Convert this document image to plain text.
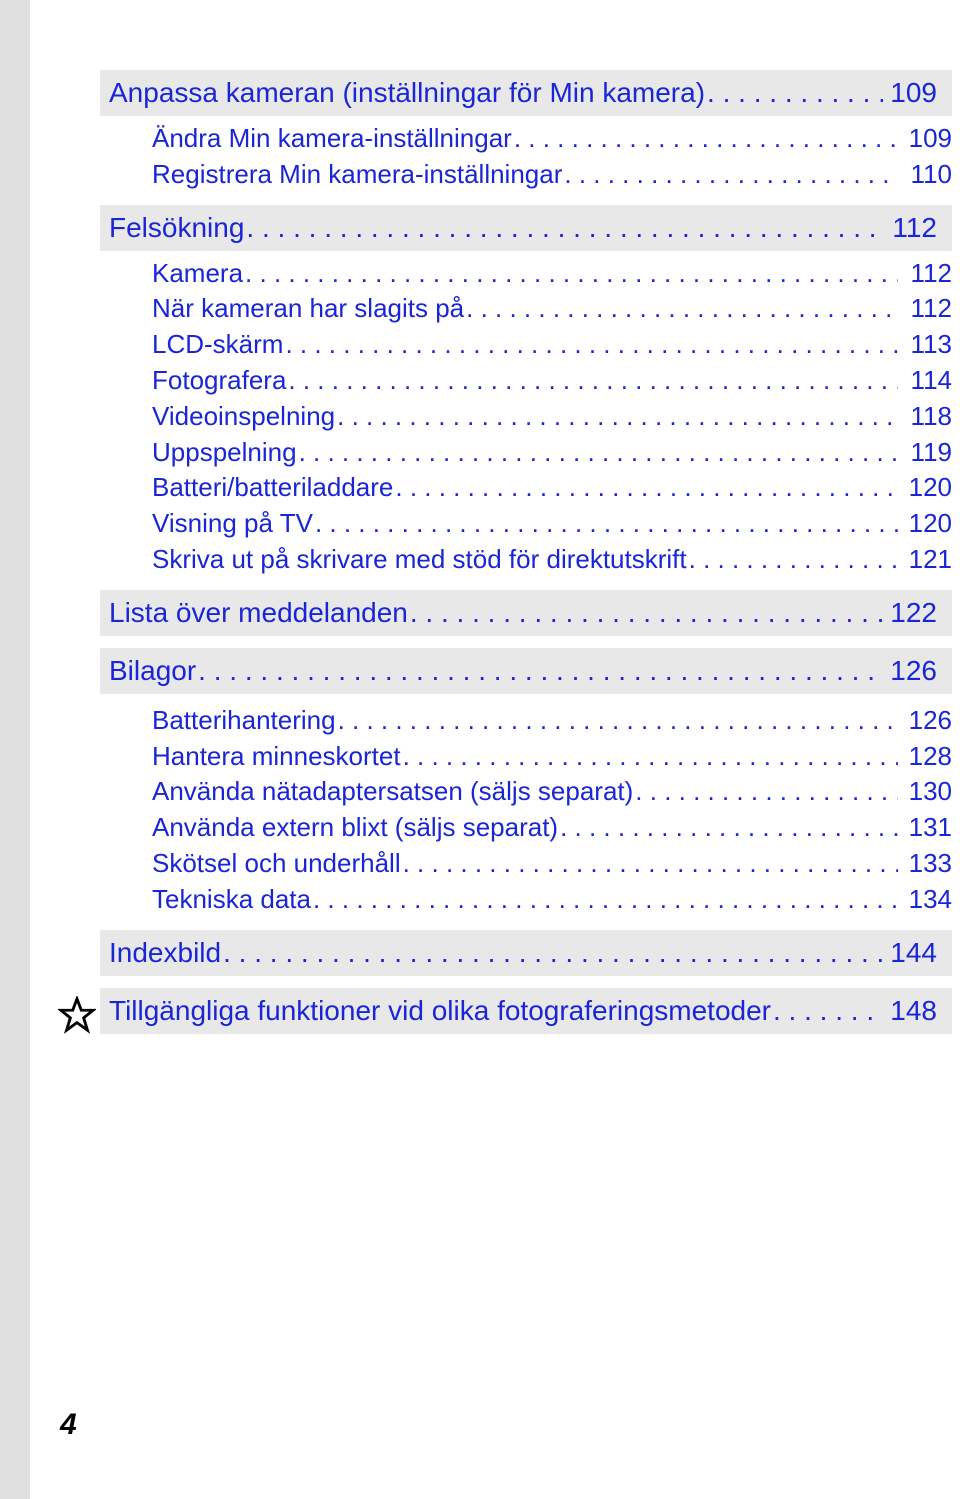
Anpassa kameran (inställningar för Min kamera) . . .	109
Ändra Min kamera-inställningar . . .	109
Registrera Min kamera-inställningar . . .	110
Felsökning . . .	112
Kamera . . .	112
När kameran har slagits på . . .	112
LCD-skärm . . .	113
Fotografera . . .	114
Videoinspelning . . .	118
Uppspelning . . .	119
Batteri/batteriladdare . . .	120
Visning på TV . . .	120
Skriva ut på skrivare med stöd för direktutskrift . . .	121
Lista över meddelanden . . .	122
Bilagor . . .	126
Batterihantering . . .	126
Hantera minneskortet . . .	128
Använda nätadaptersatsen (säljs separat) . . .	130
Använda extern blixt (säljs separat) . . .	131
Skötsel och underhåll . . .	133
Tekniska data . . .	134
Indexbild . . .	144
Tillgängliga funktioner vid olika fotograferingsmetoder . . .	148
4
